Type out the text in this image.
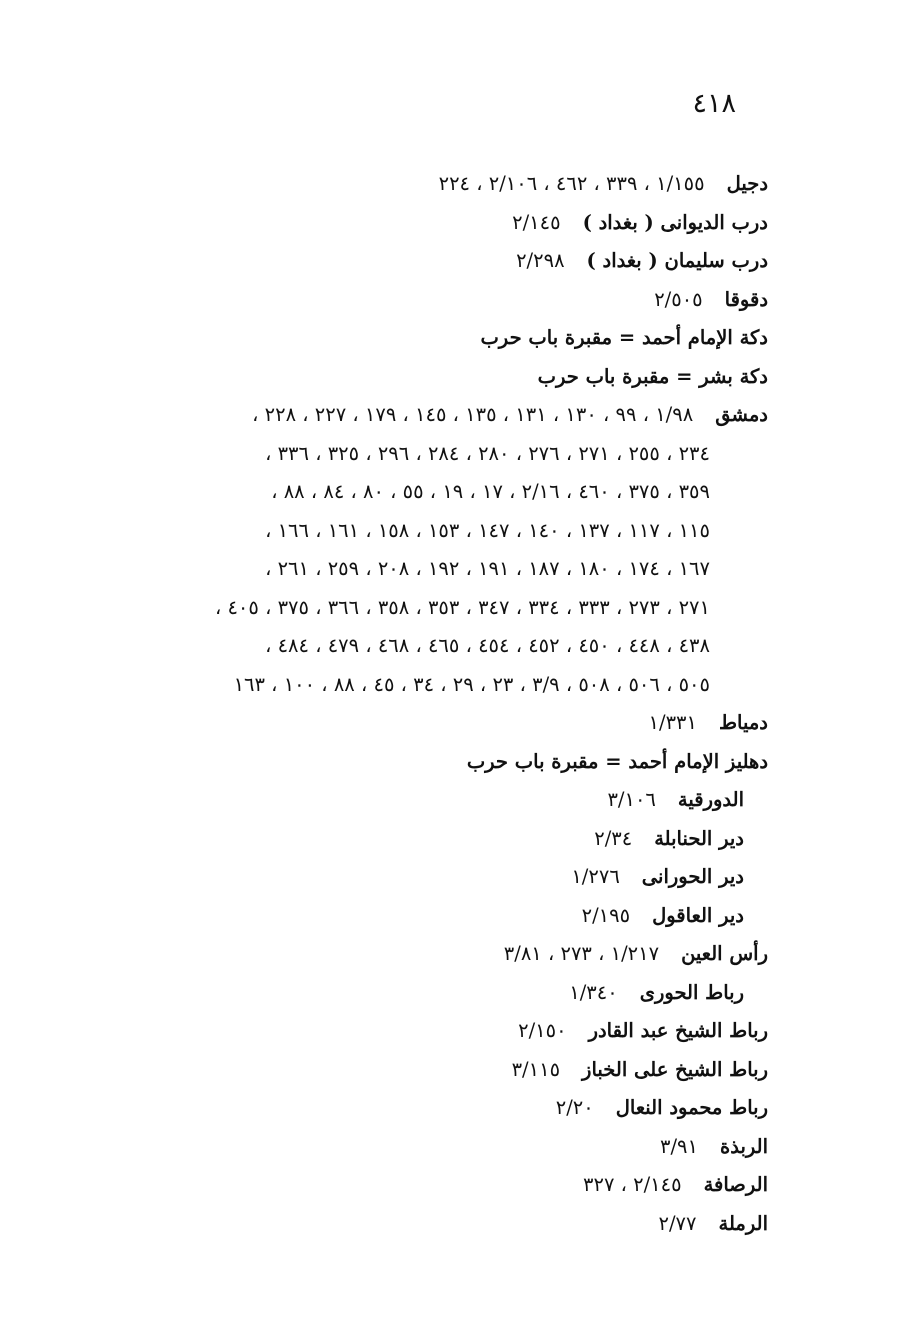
٤١٨
دجيل١/١٥٥ ، ٣٣٩ ، ٤٦٢ ، ٢/١٠٦ ، ٢٢٤
درب الديوانى ( بغداد )٢/١٤٥
درب سليمان ( بغداد )٢/٢٩٨
دقوقا٢/٥٠٥
دكة الإمام أحمد = مقبرة باب حرب
دكة بشر = مقبرة باب حرب
دمشق١/٩٨ ، ٩٩ ، ١٣٠ ، ١٣١ ، ١٣٥ ، ١٤٥ ، ١٧٩ ، ٢٢٧ ، ٢٢٨ ،
٢٣٤ ، ٢٥٥ ، ٢٧١ ، ٢٧٦ ، ٢٨٠ ، ٢٨٤ ، ٢٩٦ ، ٣٢٥ ، ٣٣٦ ،
٣٥٩ ، ٣٧٥ ، ٤٦٠ ، ٢/١٦ ، ١٧ ، ١٩ ، ٥٥ ، ٨٠ ، ٨٤ ، ٨٨ ،
١١٥ ، ١١٧ ، ١٣٧ ، ١٤٠ ، ١٤٧ ، ١٥٣ ، ١٥٨ ، ١٦١ ، ١٦٦ ،
١٦٧ ، ١٧٤ ، ١٨٠ ، ١٨٧ ، ١٩١ ، ١٩٢ ، ٢٠٨ ، ٢٥٩ ، ٢٦١ ،
٢٧١ ، ٢٧٣ ، ٣٣٣ ، ٣٣٤ ، ٣٤٧ ، ٣٥٣ ، ٣٥٨ ، ٣٦٦ ، ٣٧٥ ، ٤٠٥ ،
٤٣٨ ، ٤٤٨ ، ٤٥٠ ، ٤٥٢ ، ٤٥٤ ، ٤٦٥ ، ٤٦٨ ، ٤٧٩ ، ٤٨٤ ،
٥٠٥ ، ٥٠٦ ، ٥٠٨ ، ٣/٩ ، ٢٣ ، ٢٩ ، ٣٤ ، ٤٥ ، ٨٨ ، ١٠٠ ، ١٦٣
دمياط١/٣٣١
دهليز الإمام أحمد = مقبرة باب حرب
الدورقية٣/١٠٦
دير الحنابلة٢/٣٤
دير الحورانى١/٢٧٦
دير العاقول٢/١٩٥
رأس العين١/٢١٧ ، ٢٧٣ ، ٣/٨١
رباط الحورى١/٣٤٠
رباط الشيخ عبد القادر٢/١٥٠
رباط الشيخ على الخباز٣/١١٥
رباط محمود النعال٢/٢٠
الربذة٣/٩١
الرصافة٢/١٤٥ ، ٣٢٧
الرملة٢/٧٧
